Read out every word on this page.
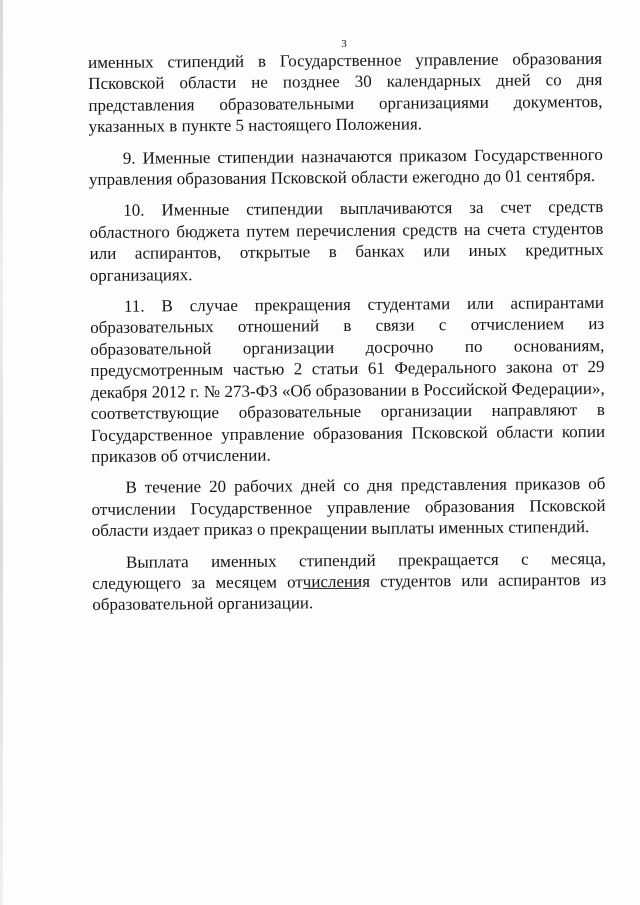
3

именных стипендий в Государственное управление образования Псковской области не позднее 30 календарных дней со дня представления образовательными организациями документов, указанных в пункте 5 настоящего Положения.

9. Именные стипендии назначаются приказом Государственного управления образования Псковской области ежегодно до 01 сентября.

10. Именные стипендии выплачиваются за счет средств областного бюджета путем перечисления средств на счета студентов или аспирантов, открытые в банках или иных кредитных организациях.

11. В случае прекращения студентами или аспирантами образовательных отношений в связи с отчислением из образовательной организации досрочно по основаниям, предусмотренным частью 2 статьи 61 Федерального закона от 29 декабря 2012 г. № 273-ФЗ «Об образовании в Российской Федерации», соответствующие образовательные организации направляют в Государственное управление образования Псковской области копии приказов об отчислении.

В течение 20 рабочих дней со дня представления приказов об отчислении Государственное управление образования Псковской области издает приказ о прекращении выплаты именных стипендий.

Выплата именных стипендий прекращается с месяца, следующего за месяцем отчисления студентов или аспирантов из образовательной организации.
